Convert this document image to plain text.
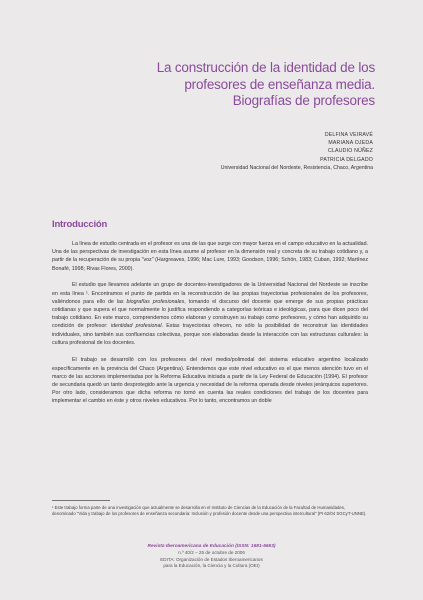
La construcción de la identidad de los
profesores de enseñanza media.
Biografías de profesores
DELFINA VEIRAVÉ
MARIANA OJEDA
CLAUDIO NÚÑEZ
PATRICIA DELGADO
Universidad Nacional del Nordeste, Resistencia, Chaco, Argentina
Introducción

La línea de estudio centrada en el profesor es una de las que surge con mayor fuerza en el campo educativo en la actualidad. Una de las perspectivas de investigación en esta línea asume al profesor en la dimensión real y concreta de su trabajo cotidiano y, a partir de la recuperación de su propia "voz" (Hargreaves, 1996; Mac Lure, 1993; Goodson, 1996; Schön, 1983; Cuban, 1992; Martínez Bonafé, 1998; Rivas Flores, 2000).

El estudio que llevamos adelante un grupo de docentes-investigadores de la Universidad Nacional del Nordeste se inscribe en esta línea ¹. Encontramos el punto de partida en la reconstrucción de las propias trayectorias profesionales de los profesores, valiéndonos para ello de las biografías profesionales, tomando el discurso del docente que emerge de sus propias prácticas cotidianas y que supera el que normalmente lo justifica respondiendo a categorías teóricas e ideológicas, para que dicen poco del trabajo cotidiano. En este marco, comprendemos cómo elaboran y construyen su trabajo como profesores, y cómo han adquirido su condición de profesor: identidad profesional. Estas trayectorias ofrecen, no sólo la posibilidad de reconstruir las identidades individuales, sino también sus confluencias colectivas, porque son elaboradas desde la interacción con las estructuras culturales: la cultura profesional de los docentes.

El trabajo se desarrolló con los profesores del nivel medio/polimodal del sistema educativo argentino localizado específicamente en la provincia del Chaco (Argentina). Entendemos que este nivel educativo es el que menos atención tuvo en el marco de las acciones implementadas por la Reforma Educativa iniciada a partir de la Ley Federal de Educación (1994). El profesor de secundaria quedó un tanto desprotegido ante la urgencia y necesidad de la reforma operada desde niveles jerárquicos superiores. Por otro lado, consideramos que dicha reforma no tomó en cuenta las reales condiciones del trabajo de los docentes para implementar el cambio en éste y otros niveles educativos. Por lo tanto, encontramos un doble

¹ Este trabajo forma parte de una investigación que actualmente se desarrolla en el Instituto de Ciencias de la Educación de la Facultad de Humanidades, denominado "Vida y trabajo de los profesores de enseñanza secundaria: Inclusión y profesión docente desde una perspectiva intercultural" (PI 62/04 SGCyT-UNNE).
Revista Iberoamericana de Educación (ISSN: 1681-5653)
n.º 40/2 – 25 de octubre de 2006
EDITA: Organización de Estados Iberoamericanos
para la Educación, la Ciencia y la Cultura (OEI)
